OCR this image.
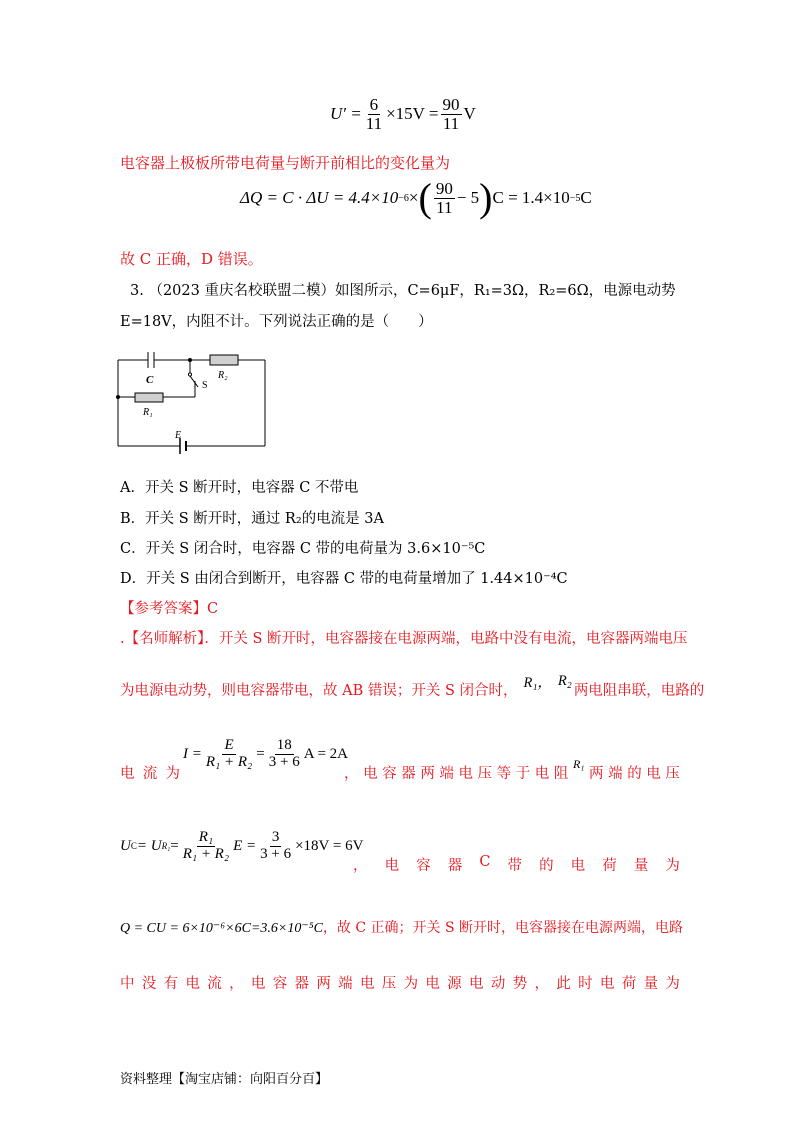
$U' = \frac{6}{11} \times 15V = \frac{90}{11}$ V
电容器上极板所带电荷量与断开前相比的变化量为
ΔQ = C · ΔU = 4.4×10 −6 × ( $\frac{90}{11} - 5$ ) C = 1.4×10 −5 C
故 C 正确，D 错误。
3. （2023 重庆名校联盟二模）如图所示，C=6μF，R₁=3Ω，R₂=6Ω，电源电动势
E=18V，内阻不计。下列说法正确的是（　　）
C	R₂
S
R₁
E
A．开关 S 断开时，电容器 C 不带电
B．开关 S 断开时，通过 R₂的电流是 3A
C．开关 S 闭合时，电容器 C 带的电荷量为 3.6×10⁻⁵C
D．开关 S 由闭合到断开，电容器 C 带的电荷量增加了 1.44×10⁻⁴C
【参考答案】C
.【名师解析】．开关 S 断开时，电容器接在电源两端，电路中没有电流，电容器两端电压
为电源电动势，则电容器带电，故 AB 错误；开关 S 闭合时， R₁， R₂
两电阻串联，电路的
电 流 为
$I = \frac{E}{\text{R₁ + R₂}} = \frac{18}{3 + 6}$ A = 2A
， 电 容 器 两 端 电 压 等 于 电 阻
R₁
两 端 的 电 压
U C = U $R_1 = \frac{\text{R₁}}{\text{R₁ + R₂}}$ $E = \frac{3}{3 + 6} \times 18V = 6V$
， 电 容 器 C 带 的 电 荷 量 为
Q = CU = 6×10⁻⁶×6C=3.6×10⁻⁵C ，故 C 正确；开关 S 断开时，电容器接在电源两端，电路
中 没 有 电 流 ， 电 容 器 两 端 电 压 为 电 源 电 动 势 ， 此 时 电 荷 量 为
资料整理【淘宝店铺：向阳百分百】
